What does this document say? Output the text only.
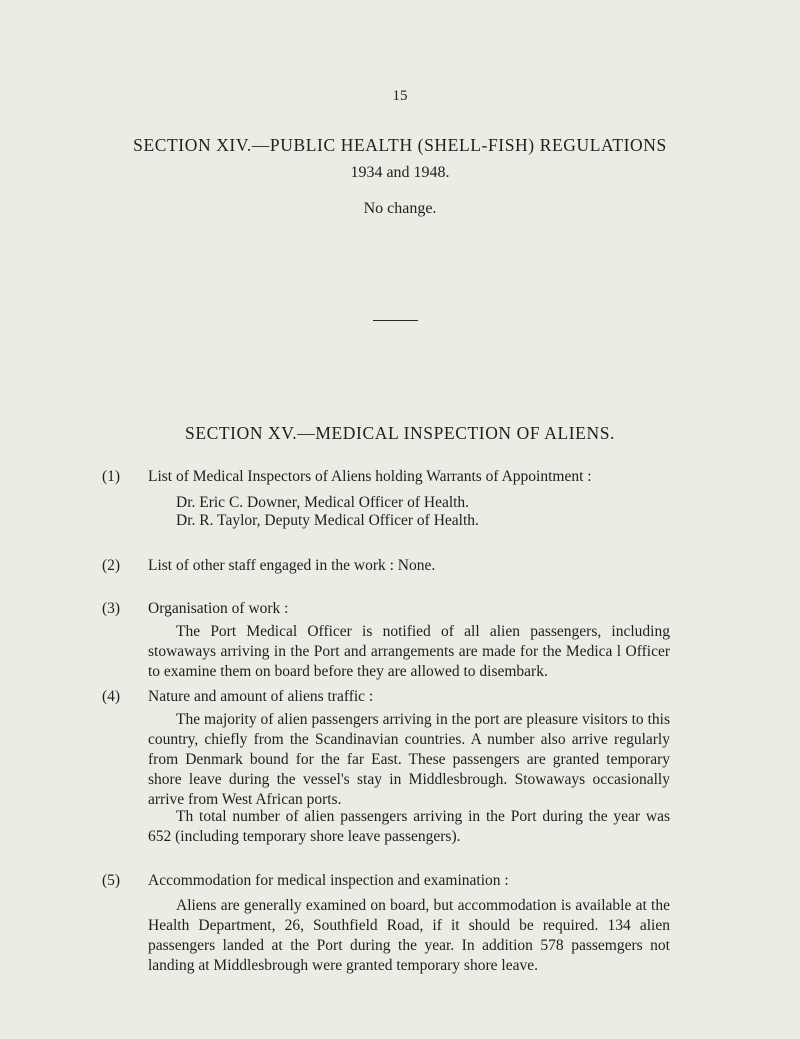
15
SECTION XIV.—PUBLIC HEALTH (SHELL-FISH) REGULATIONS
1934 and 1948.
No change.
SECTION XV.—MEDICAL INSPECTION OF ALIENS.
(1) List of Medical Inspectors of Aliens holding Warrants of Appointment :
Dr. Eric C. Downer, Medical Officer of Health.
Dr. R. Taylor, Deputy Medical Officer of Health.
(2) List of other staff engaged in the work : None.
(3) Organisation of work :

The Port Medical Officer is notified of all alien passengers, including stowaways arriving in the Port and arrangements are made for the Medica l Officer to examine them on board before they are allowed to disembark.

(4) Nature and amount of aliens traffic :

The majority of alien passengers arriving in the port are pleasure visitors to this country, chiefly from the Scandinavian countries. A number also arrive regularly from Denmark bound for the far East. These passengers are granted temporary shore leave during the vessel's stay in Middlesbrough. Stowaways occasionally arrive from West African ports.

Th total number of alien passengers arriving in the Port during the year was 652 (including temporary shore leave passengers).

(5) Accommodation for medical inspection and examination :

Aliens are generally examined on board, but accommodation is available at the Health Department, 26, Southfield Road, if it should be required. 134 alien passengers landed at the Port during the year. In addition 578 passemgers not landing at Middlesbrough were granted temporary shore leave.
